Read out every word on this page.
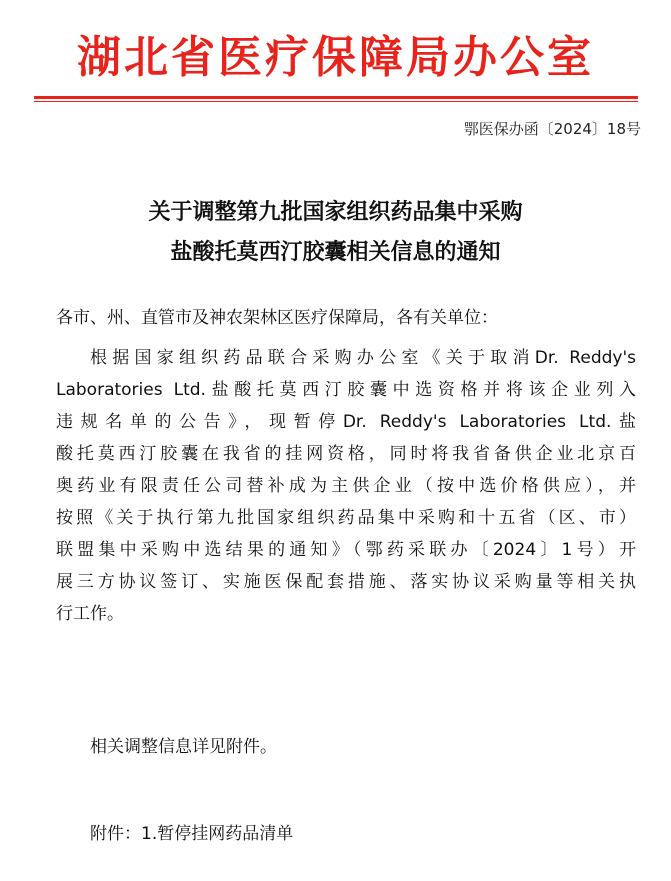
湖北省医疗保障局办公室
鄂医保办函〔2024〕18号
关于调整第九批国家组织药品集中采购
盐酸托莫西汀胶囊相关信息的通知
各市、州、直管市及神农架林区医疗保障局，各有关单位：
根据国家组织药品联合采购办公室《关于取消Dr. Reddy's
Laboratories Ltd.盐酸托莫西汀胶囊中选资格并将该企业列入
违规名单的公告》，现暂停Dr. Reddy's Laboratories Ltd.盐
酸托莫西汀胶囊在我省的挂网资格，同时将我省备供企业北京百
奥药业有限责任公司替补成为主供企业（按中选价格供应），并
按照《关于执行第九批国家组织药品集中采购和十五省（区、市）
联盟集中采购中选结果的通知》（鄂药采联办〔2024〕1号）开
展三方协议签订、实施医保配套措施、落实协议采购量等相关执
行工作。
相关调整信息详见附件。
附件：1.暂停挂网药品清单
